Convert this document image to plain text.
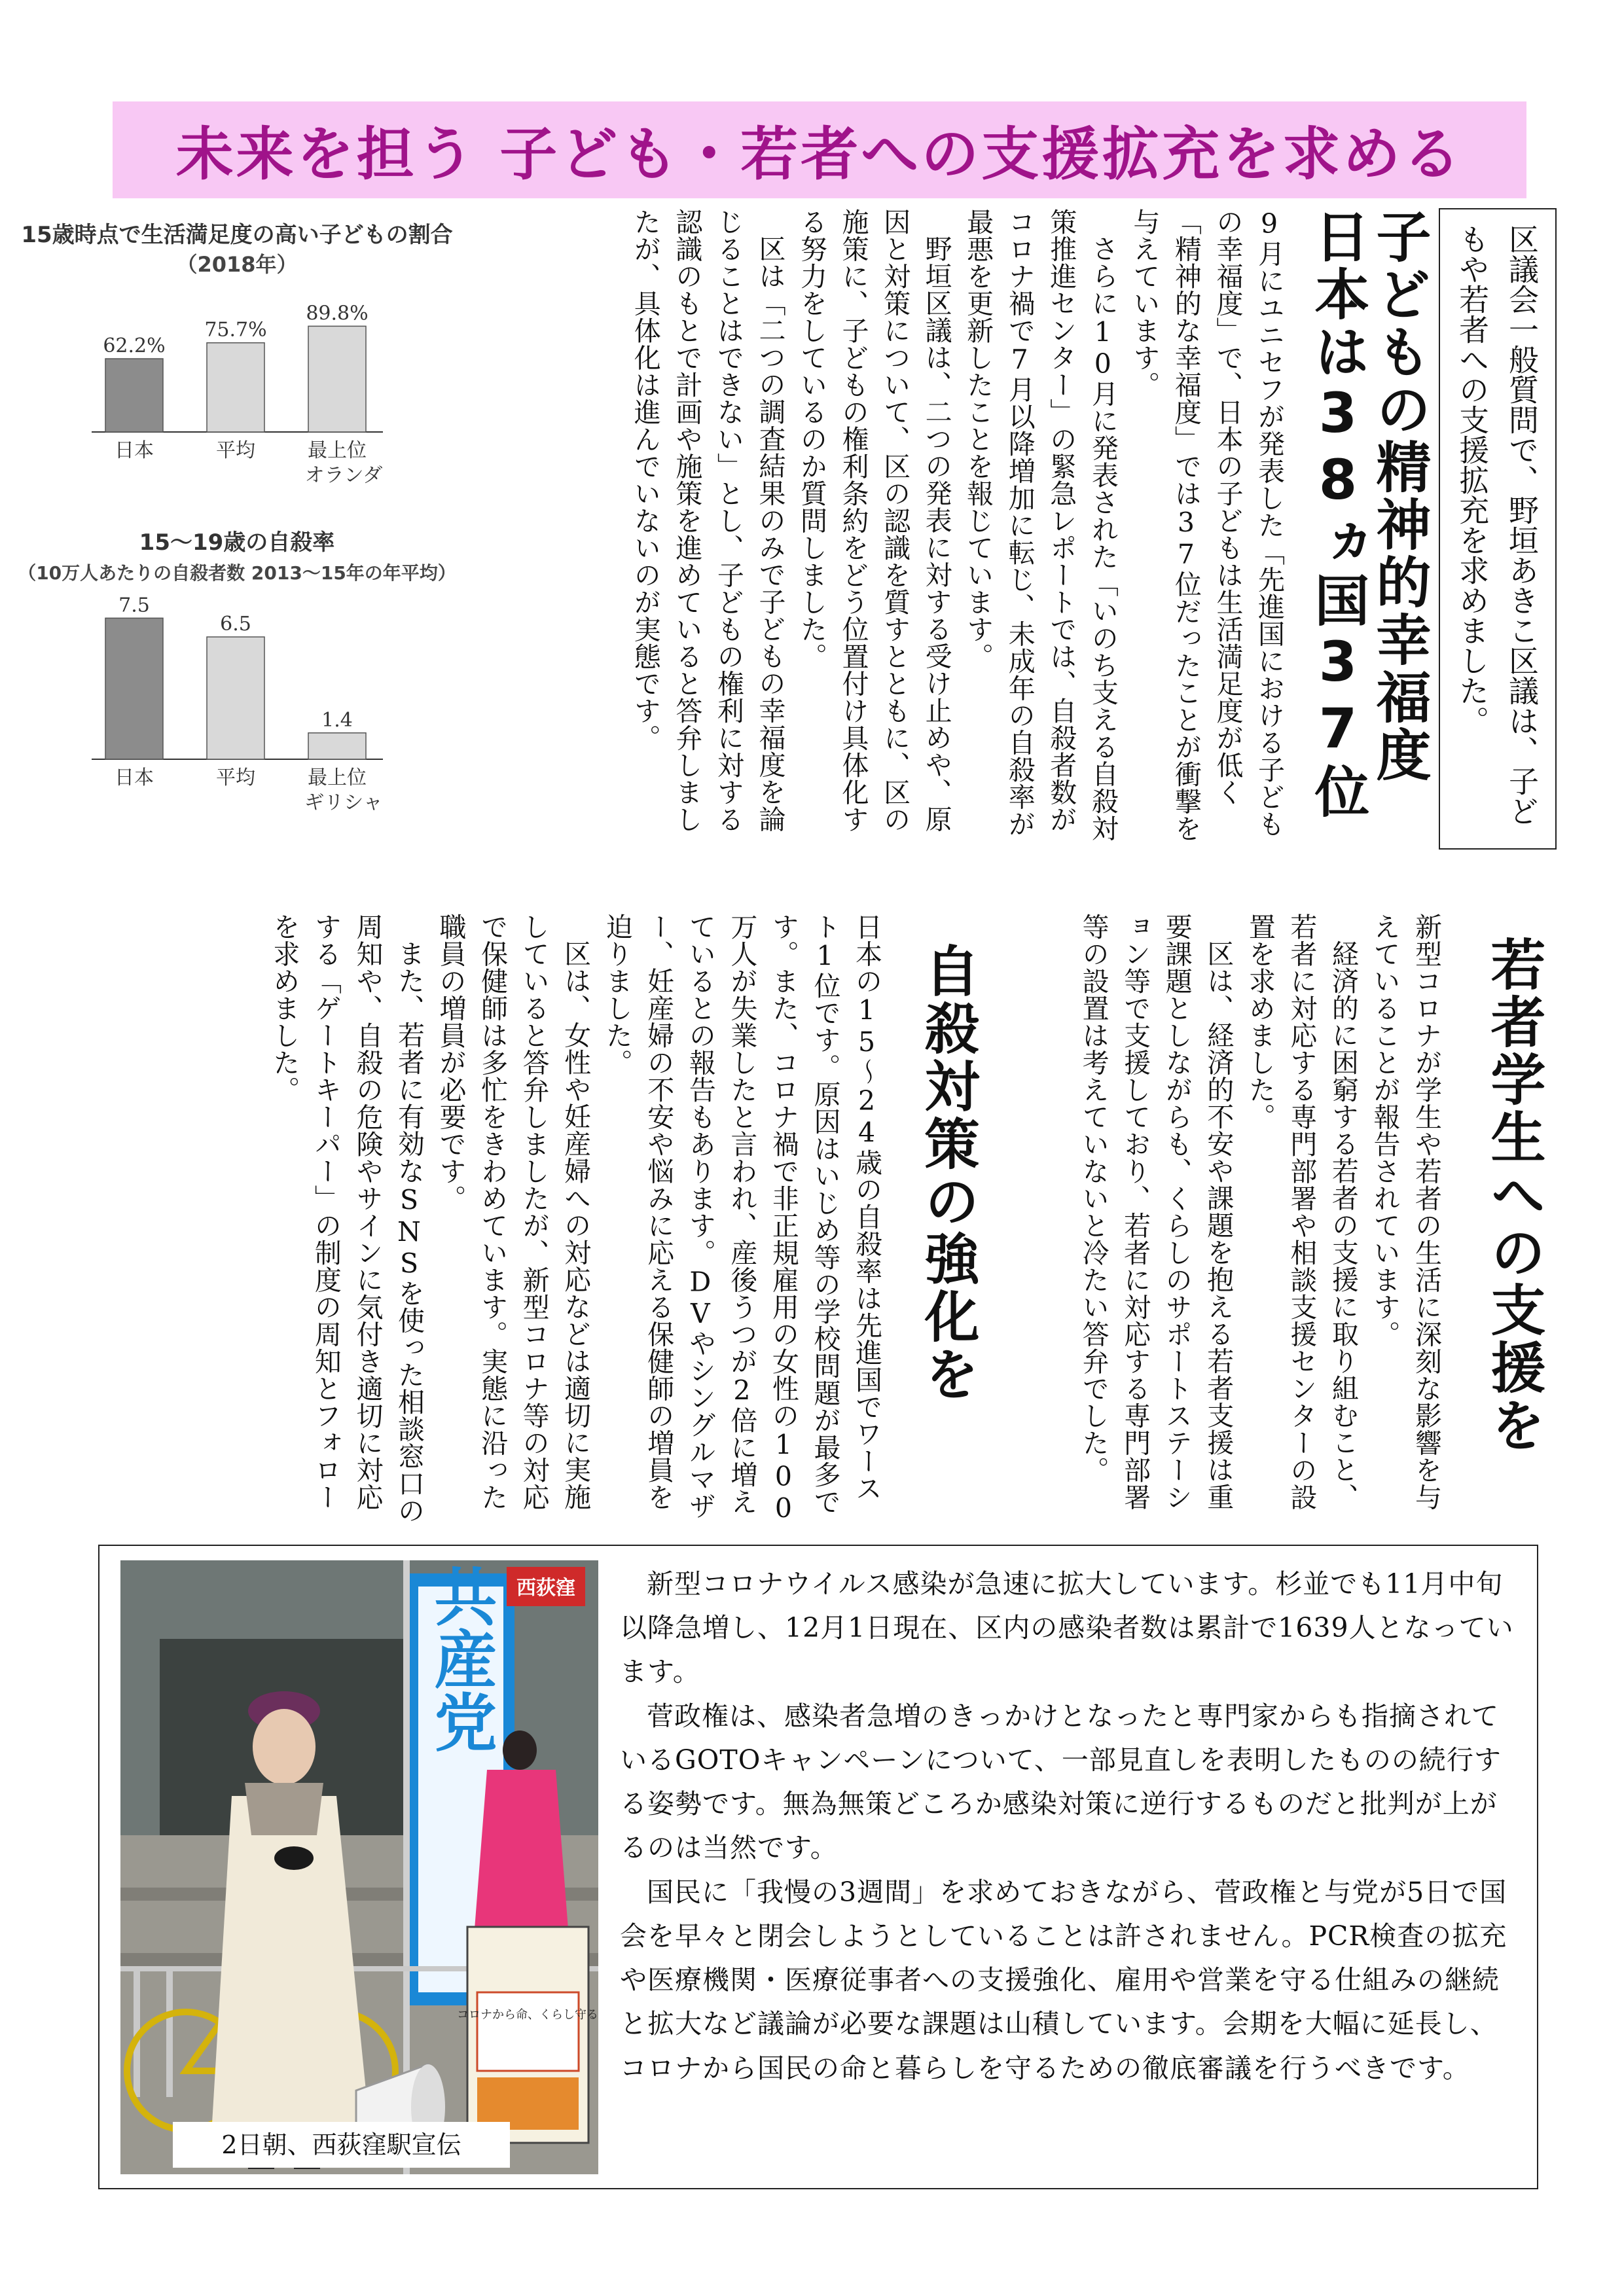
未来を担う 子ども・若者への支援拡充を求める
区議会一般質問で、野垣あきこ区議は、子どもや若者への支援拡充を求めました。
子どもの精神的幸福度
日本は38ヵ国37位

9月にユニセフが発表した「先進国における子どもの幸福度」で、日本の子どもは生活満足度が低く「精神的な幸福度」では37位だったことが衝撃を与えています。

さらに10月に発表された「いのち支える自殺対策推進センター」の緊急レポートでは、自殺者数がコロナ禍で7月以降増加に転じ、未成年の自殺率が最悪を更新したことを報じています。

野垣区議は、二つの発表に対する受け止めや、原因と対策について、区の認識を質すとともに、区の施策に、子どもの権利条約をどう位置付け具体化する努力をしているのか質問しました。

区は「二つの調査結果のみで子どもの幸福度を論じることはできない」とし、子どもの権利に対する認識のもとで計画や施策を進めていると答弁しましたが、具体化は進んでいないのが実態です。

15歳時点で生活満足度の高い子どもの割合
（2018年）
62.2%
日本
75.7%
平均
89.8%
最上位
オランダ
15～19歳の自殺率
（10万人あたりの自殺者数 2013～15年の年平均）
7.5
日本
6.5
平均
1.4
最上位
ギリシャ
若者学生への支援を

新型コロナが学生や若者の生活に深刻な影響を与えていることが報告されています。

経済的に困窮する若者の支援に取り組むこと、若者に対応する専門部署や相談支援センターの設置を求めました。

区は、経済的不安や課題を抱える若者支援は重要課題としながらも、くらしのサポートステーション等で支援しており、若者に対応する専門部署等の設置は考えていないと冷たい答弁でした。

自殺対策の強化を

日本の15～24歳の自殺率は先進国でワースト1位です。原因はいじめ等の学校問題が最多です。また、コロナ禍で非正規雇用の女性の100万人が失業したと言われ、産後うつが2倍に増えているとの報告もあります。DVやシングルマザー、妊産婦の不安や悩みに応える保健師の増員を迫りました。

区は、女性や妊産婦への対応などは適切に実施していると答弁しましたが、新型コロナ等の対応で保健師は多忙をきわめています。実態に沿った職員の増員が必要です。

また、若者に有効なSNSを使った相談窓口の周知や、自殺の危険やサインに気付き適切に対応する「ゲートキーパー」の制度の周知とフォローを求めました。

共産党 西荻窪
コロナから命、くらし守る
2日朝、西荻窪駅宣伝

新型コロナウイルス感染が急速に拡大しています。杉並でも11月中旬以降急増し、12月1日現在、区内の感染者数は累計で1639人となっています。

菅政権は、感染者急増のきっかけとなったと専門家からも指摘されているGOTOキャンペーンについて、一部見直しを表明したものの続行する姿勢です。無為無策どころか感染対策に逆行するものだと批判が上がるのは当然です。

国民に「我慢の3週間」を求めておきながら、菅政権と与党が5日で国会を早々と閉会しようとしていることは許されません。PCR検査の拡充や医療機関・医療従事者への支援強化、雇用や営業を守る仕組みの継続と拡大など議論が必要な課題は山積しています。会期を大幅に延長し、コロナから国民の命と暮らしを守るための徹底審議を行うべきです。
